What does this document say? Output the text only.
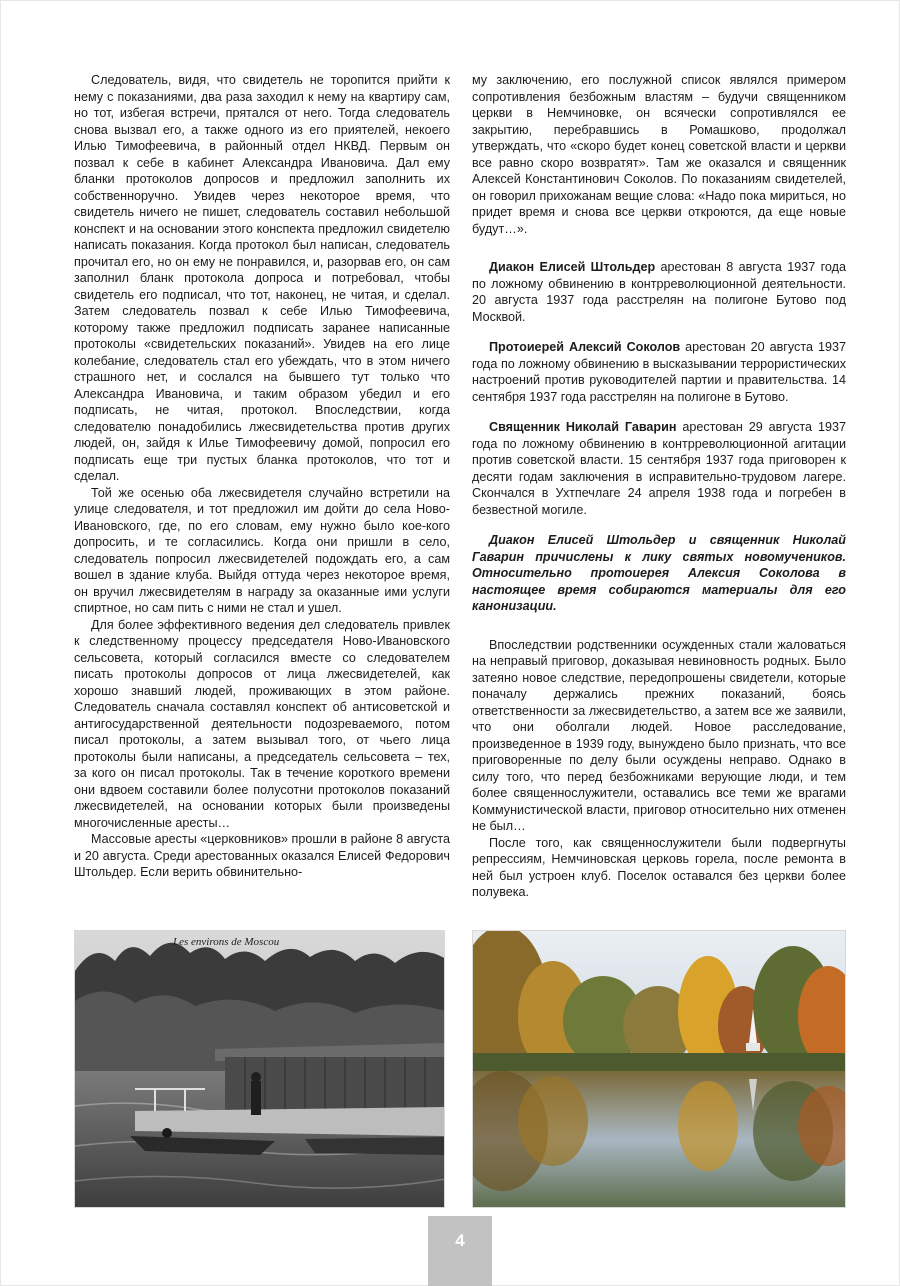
Следователь, видя, что свидетель не торопится прийти к нему с показаниями, два раза заходил к нему на квартиру сам, но тот, избегая встречи, прятался от него. Тогда следователь снова вызвал его, а также одного из его приятелей, некоего Илью Тимофеевича, в районный отдел НКВД. Первым он позвал к себе в кабинет Александра Ивановича. Дал ему бланки протоколов допросов и предложил заполнить их собственноручно. Увидев через некоторое время, что свидетель ничего не пишет, следователь составил небольшой конспект и на основании этого конспекта предложил свидетелю написать показания. Когда протокол был написан, следователь прочитал его, но он ему не понравился, и, разорвав его, он сам заполнил бланк протокола допроса и потребовал, чтобы свидетель его подписал, что тот, наконец, не читая, и сделал. Затем следователь позвал к себе Илью Тимофеевича, которому также предложил подписать заранее написанные протоколы «свидетельских показаний». Увидев на его лице колебание, следователь стал его убеждать, что в этом ничего страшного нет, и сослался на бывшего тут только что Александра Ивановича, и таким образом убедил и его подписать, не читая, протокол. Впоследствии, когда следователю понадобились лжесвидетельства против других людей, он, зайдя к Илье Тимофеевичу домой, попросил его подписать еще три пустых бланка протоколов, что тот и сделал.

Той же осенью оба лжесвидетеля случайно встретили на улице следователя, и тот предложил им дойти до села Ново-Ивановского, где, по его словам, ему нужно было кое-кого допросить, и те согласились. Когда они пришли в село, следователь попросил лжесвидетелей подождать его, а сам вошел в здание клуба. Выйдя оттуда через некоторое время, он вручил лжесвидетелям в награду за оказанные ими услуги спиртное, но сам пить с ними не стал и ушел.

Для более эффективного ведения дел следователь привлек к следственному процессу председателя Ново-Ивановского сельсовета, который согласился вместе со следователем писать протоколы допросов от лица лжесвидетелей, как хорошо знавший людей, проживающих в этом районе. Следователь сначала составлял конспект об антисоветской и антигосударственной деятельности подозреваемого, потом писал протоколы, а затем вызывал того, от чьего лица протоколы были написаны, а председатель сельсовета – тех, за кого он писал протоколы. Так в течение короткого времени они вдвоем составили более полусотни протоколов показаний лжесвидетелей, на основании которых были произведены многочисленные аресты…

Массовые аресты «церковников» прошли в районе 8 августа и 20 августа. Среди арестованных оказался Елисей Федорович Штольдер. Если верить обвинительно-

му заключению, его послужной список являлся примером сопротивления безбожным властям – будучи священником церкви в Немчиновке, он всячески сопротивлялся ее закрытию, перебравшись в Ромашково, продолжал утверждать, что «скоро будет конец советской власти и церкви все равно скоро возвратят». Там же оказался и священник Алексей Константинович Соколов. По показаниям свидетелей, он говорил прихожанам вещие слова: «Надо пока мириться, но придет время и снова все церкви откроются, да еще новые будут…».

Диакон Елисей Штольдер арестован 8 августа 1937 года по ложному обвинению в контрреволюционной деятельности. 20 августа 1937 года расстрелян на полигоне Бутово под Москвой.

Протоиерей Алексий Соколов арестован 20 августа 1937 года по ложному обвинению в высказывании террористических настроений против руководителей партии и правительства. 14 сентября 1937 года расстрелян на полигоне в Бутово.

Священник Николай Гаварин арестован 29 августа 1937 года по ложному обвинению в контрреволюционной агитации против советской власти. 15 сентября 1937 года приговорен к десяти годам заключения в исправительно-трудовом лагере. Скончался в Ухтпечлаге 24 апреля 1938 года и погребен в безвестной могиле.

Диакон Елисей Штольдер и священник Николай Гаварин причислены к лику святых новомучеников. Относительно протоиерея Алексия Соколова в настоящее время собираются материалы для его канонизации.

Впоследствии родственники осужденных стали жаловаться на неправый приговор, доказывая невиновность родных. Было затеяно новое следствие, передопрошены свидетели, которые поначалу держались прежних показаний, боясь ответственности за лжесвидетельство, а затем все же заявили, что они оболгали людей. Новое расследование, произведенное в 1939 году, вынуждено было признать, что все приговоренные по делу были осуждены неправо. Однако в силу того, что перед безбожниками верующие люди, и тем более священнослужители, оставались все теми же врагами Коммунистической власти, приговор относительно них отменен не был…

После того, как священнослужители были подвергнуты репрессиям, Немчиновская церковь горела, после ремонта в ней был устроен клуб. Поселок оставался без церкви более полувека.

Les environs de Moscou
4
